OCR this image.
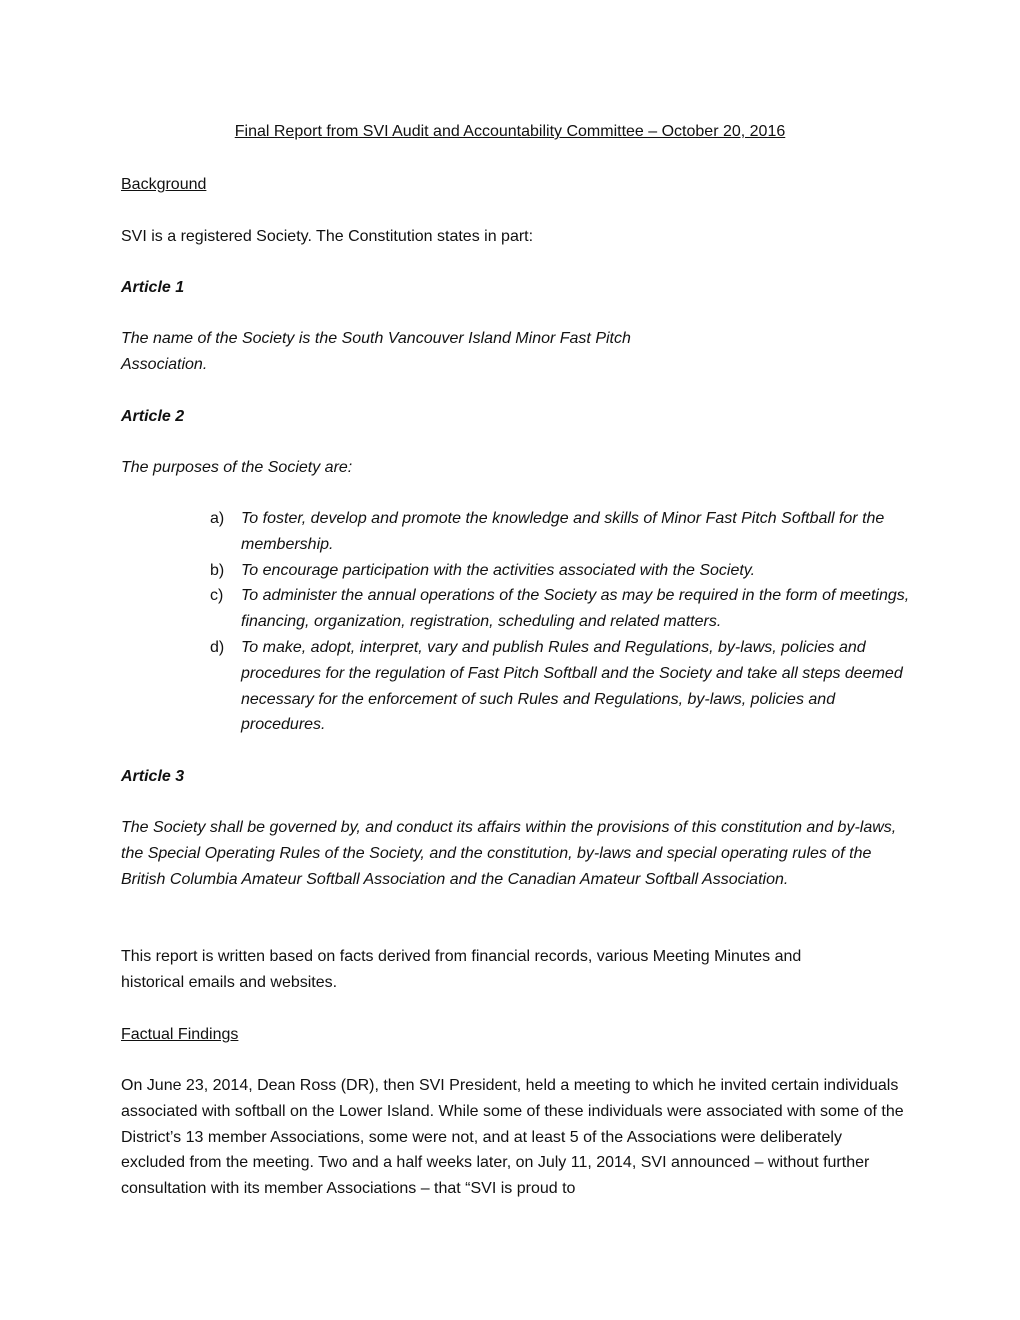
Final Report from SVI Audit and Accountability Committee – October 20, 2016
Background
SVI is a registered Society. The Constitution states in part:
Article 1
The name of the Society is the South Vancouver Island Minor Fast Pitch
Association.
Article 2
The purposes of the Society are:
a) To foster, develop and promote the knowledge and skills of Minor Fast Pitch Softball for the membership.
b) To encourage participation with the activities associated with the Society.
c) To administer the annual operations of the Society as may be required in the form of meetings, financing, organization, registration, scheduling and related matters.
d) To make, adopt, interpret, vary and publish Rules and Regulations, by-laws, policies and procedures for the regulation of Fast Pitch Softball and the Society and take all steps deemed necessary for the enforcement of such Rules and Regulations, by-laws, policies and procedures.
Article 3
The Society shall be governed by, and conduct its affairs within the provisions of this constitution and by-laws, the Special Operating Rules of the Society, and the constitution, by-laws and special operating rules of the British Columbia Amateur Softball Association and the Canadian Amateur Softball Association.
This report is written based on facts derived from financial records, various Meeting Minutes and historical emails and websites.
Factual Findings
On June 23, 2014, Dean Ross (DR), then SVI President, held a meeting to which he invited certain individuals associated with softball on the Lower Island. While some of these individuals were associated with some of the District’s 13 member Associations, some were not, and at least 5 of the Associations were deliberately excluded from the meeting. Two and a half weeks later, on July 11, 2014, SVI announced – without further consultation with its member Associations – that “SVI is proud to
